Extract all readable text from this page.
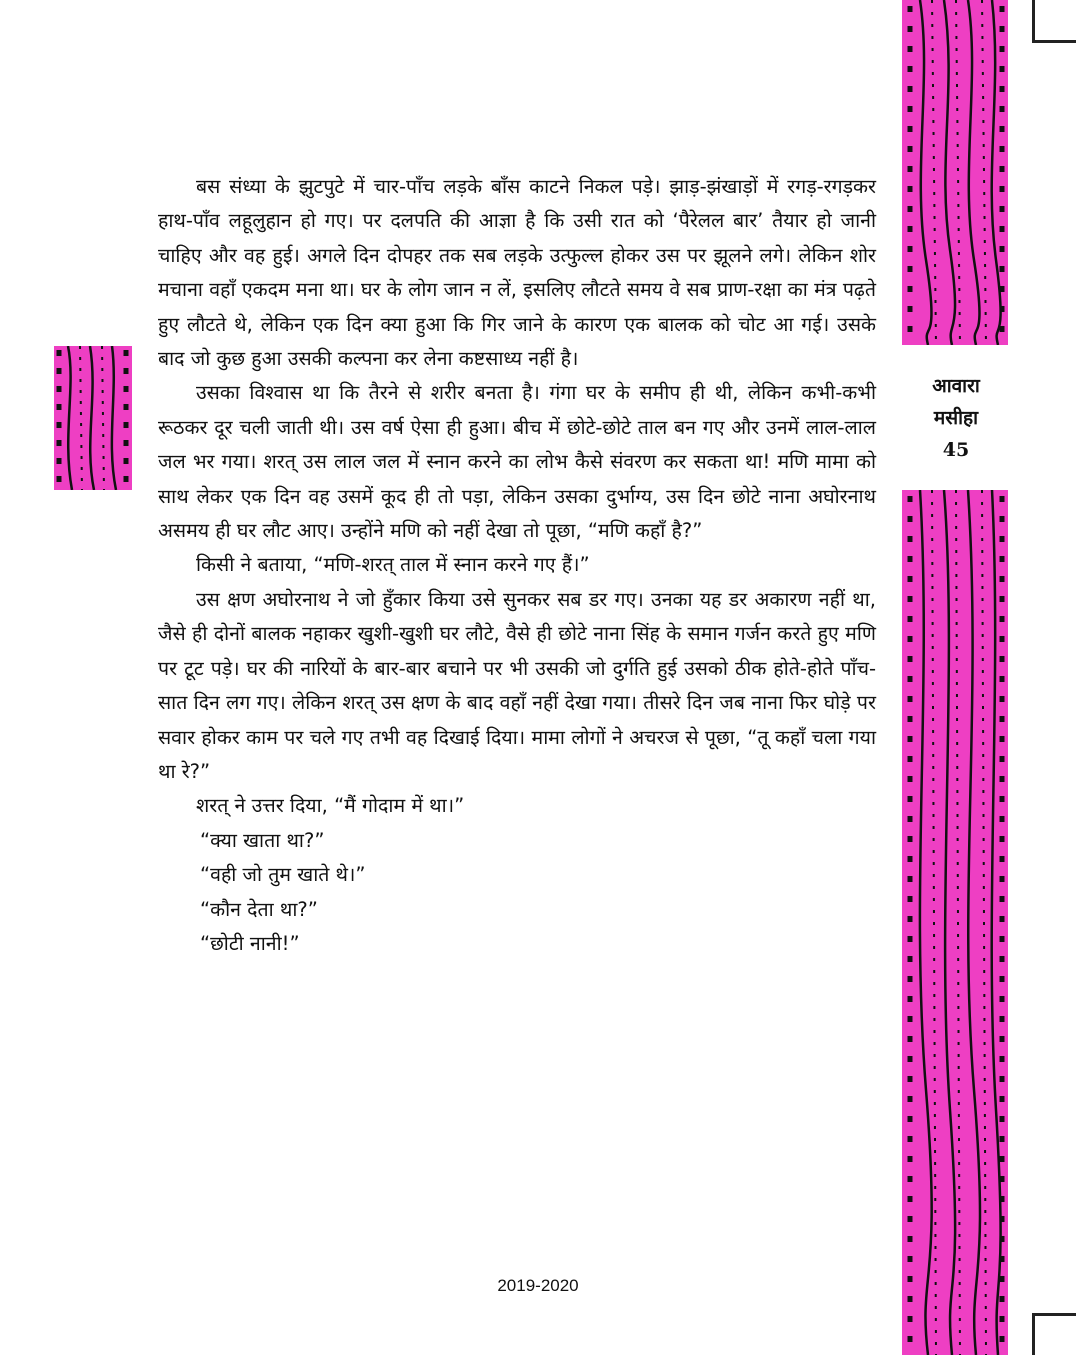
आवारा
मसीहा
45

बस संध्या के झुटपुटे में चार-पाँच लड़के बाँस काटने निकल पड़े। झाड़-झंखाड़ों में रगड़-रगड़कर हाथ-पाँव लहूलुहान हो गए। पर दलपति की आज्ञा है कि उसी रात को ‘पैरेलल बार’ तैयार हो जानी चाहिए और वह हुई। अगले दिन दोपहर तक सब लड़के उत्फुल्ल होकर उस पर झूलने लगे। लेकिन शोर मचाना वहाँ एकदम मना था। घर के लोग जान न लें, इसलिए लौटते समय वे सब प्राण-रक्षा का मंत्र पढ़ते हुए लौटते थे, लेकिन एक दिन क्या हुआ कि गिर जाने के कारण एक बालक को चोट आ गई। उसके बाद जो कुछ हुआ उसकी कल्पना कर लेना कष्टसाध्य नहीं है।

उसका विश्वास था कि तैरने से शरीर बनता है। गंगा घर के समीप ही थी, लेकिन कभी-कभी रूठकर दूर चली जाती थी। उस वर्ष ऐसा ही हुआ। बीच में छोटे-छोटे ताल बन गए और उनमें लाल-लाल जल भर गया। शरत् उस लाल जल में स्नान करने का लोभ कैसे संवरण कर सकता था! मणि मामा को साथ लेकर एक दिन वह उसमें कूद ही तो पड़ा, लेकिन उसका दुर्भाग्य, उस दिन छोटे नाना अघोरनाथ असमय ही घर लौट आए। उन्होंने मणि को नहीं देखा तो पूछा, “मणि कहाँ है?”

किसी ने बताया, “मणि-शरत् ताल में स्नान करने गए हैं।”

उस क्षण अघोरनाथ ने जो हुँकार किया उसे सुनकर सब डर गए। उनका यह डर अकारण नहीं था, जैसे ही दोनों बालक नहाकर खुशी-खुशी घर लौटे, वैसे ही छोटे नाना सिंह के समान गर्जन करते हुए मणि पर टूट पड़े। घर की नारियों के बार-बार बचाने पर भी उसकी जो दुर्गति हुई उसको ठीक होते-होते पाँच-सात दिन लग गए। लेकिन शरत् उस क्षण के बाद वहाँ नहीं देखा गया। तीसरे दिन जब नाना फिर घोड़े पर सवार होकर काम पर चले गए तभी वह दिखाई दिया। मामा लोगों ने अचरज से पूछा, “तू कहाँ चला गया था रे?”

शरत् ने उत्तर दिया, “मैं गोदाम में था।”

“क्या खाता था?”

“वही जो तुम खाते थे।”

“कौन देता था?”

“छोटी नानी!”

2019-2020
